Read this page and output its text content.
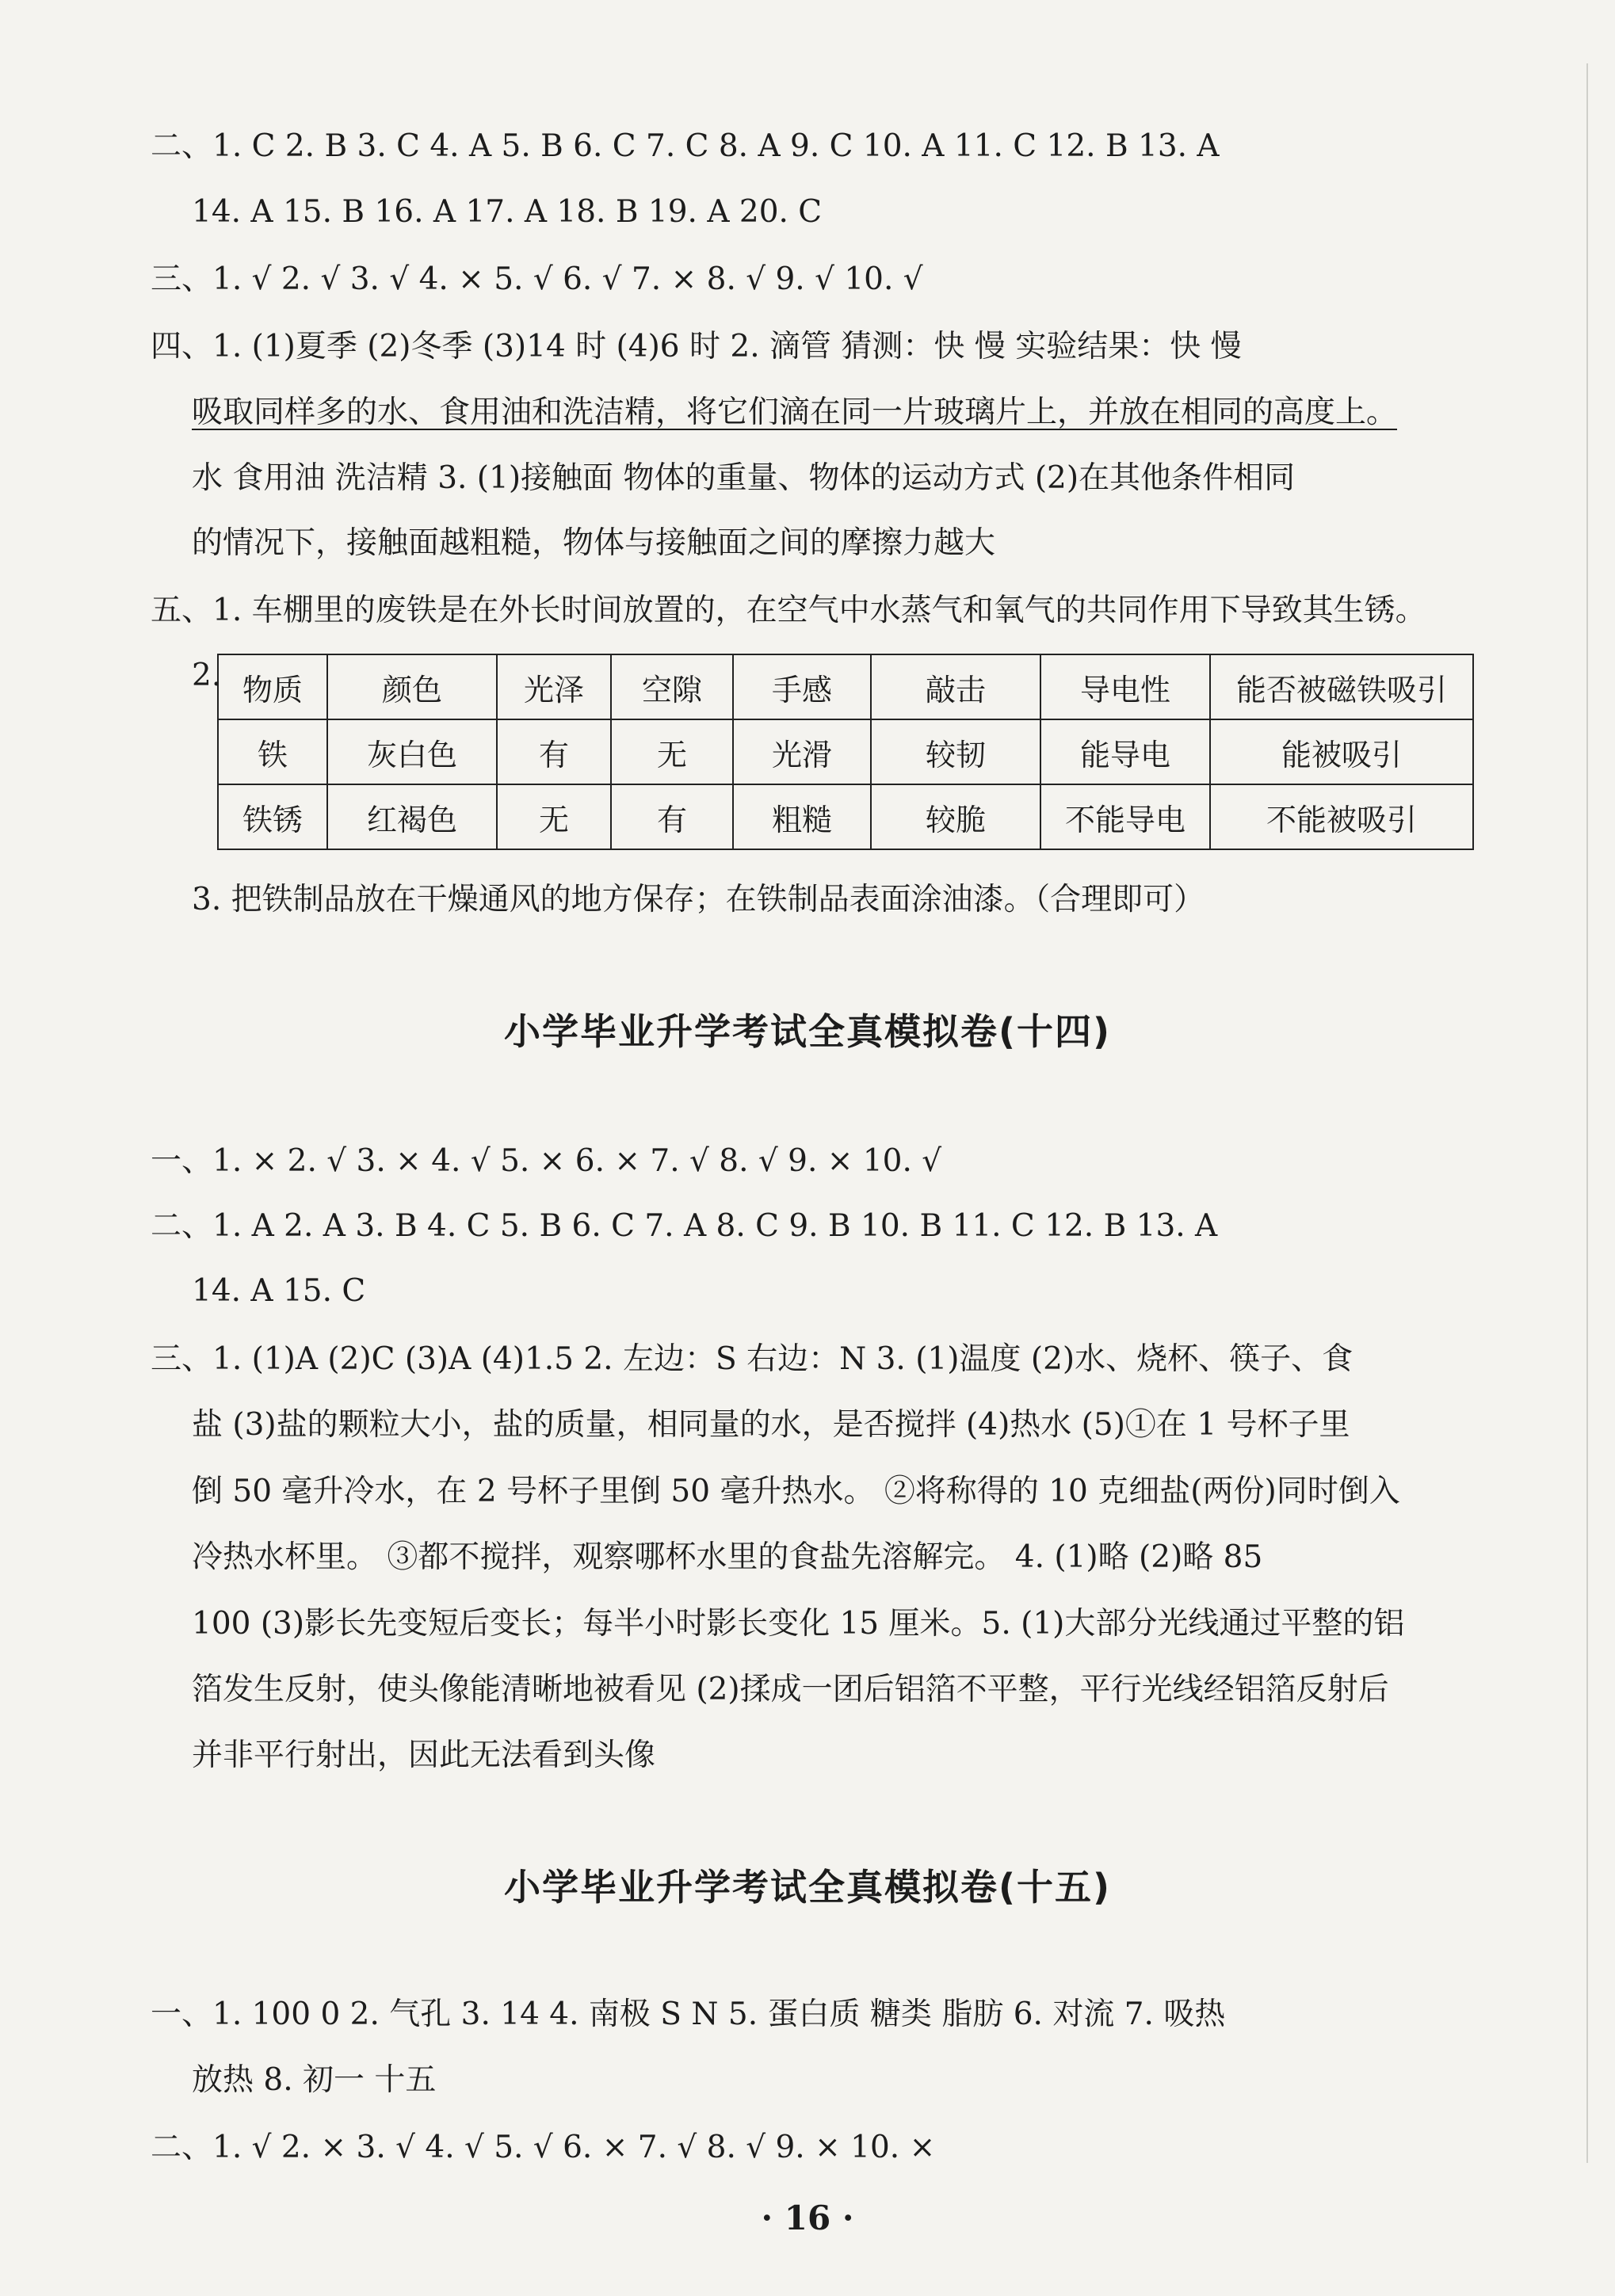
二、1. C 2. B 3. C 4. A 5. B 6. C 7. C 8. A 9. C 10. A 11. C 12. B 13. A
14. A 15. B 16. A 17. A 18. B 19. A 20. C
三、1. √ 2. √ 3. √ 4. × 5. √ 6. √ 7. × 8. √ 9. √ 10. √
四、1. (1)夏季 (2)冬季 (3)14 时 (4)6 时 2. 滴管 猜测：快 慢 实验结果：快 慢
吸取同样多的水、食用油和洗洁精，将它们滴在同一片玻璃片上，并放在相同的高度上。
水 食用油 洗洁精 3. (1)接触面 物体的重量、物体的运动方式 (2)在其他条件相同
的情况下，接触面越粗糙，物体与接触面之间的摩擦力越大
五、1. 车棚里的废铁是在外长时间放置的，在空气中水蒸气和氧气的共同作用下导致其生锈。
2. 物质	颜色	光泽	空隙	手感	敲击	导电性	能否被磁铁吸引
铁	灰白色	有	无	光滑	较韧	能导电	能被吸引
铁锈	红褐色	无	有	粗糙	较脆	不能导电	不能被吸引
3. 把铁制品放在干燥通风的地方保存；在铁制品表面涂油漆。（合理即可）
小学毕业升学考试全真模拟卷(十四)
一、1. × 2. √ 3. × 4. √ 5. × 6. × 7. √ 8. √ 9. × 10. √
二、1. A 2. A 3. B 4. C 5. B 6. C 7. A 8. C 9. B 10. B 11. C 12. B 13. A
14. A 15. C
三、1. (1)A (2)C (3)A (4)1.5 2. 左边：S 右边：N 3. (1)温度 (2)水、烧杯、筷子、食
盐 (3)盐的颗粒大小，盐的质量，相同量的水，是否搅拌 (4)热水 (5)①在 1 号杯子里
倒 50 毫升冷水，在 2 号杯子里倒 50 毫升热水。 ②将称得的 10 克细盐(两份)同时倒入
冷热水杯里。 ③都不搅拌，观察哪杯水里的食盐先溶解完。 4. (1)略 (2)略 85
100 (3)影长先变短后变长；每半小时影长变化 15 厘米。5. (1)大部分光线通过平整的铝
箔发生反射，使头像能清晰地被看见 (2)揉成一团后铝箔不平整，平行光线经铝箔反射后
并非平行射出，因此无法看到头像
小学毕业升学考试全真模拟卷(十五)
一、1. 100 0 2. 气孔 3. 14 4. 南极 S N 5. 蛋白质 糖类 脂肪 6. 对流 7. 吸热
放热 8. 初一 十五
二、1. √ 2. × 3. √ 4. √ 5. √ 6. × 7. √ 8. √ 9. × 10. ×
· 16 ·
